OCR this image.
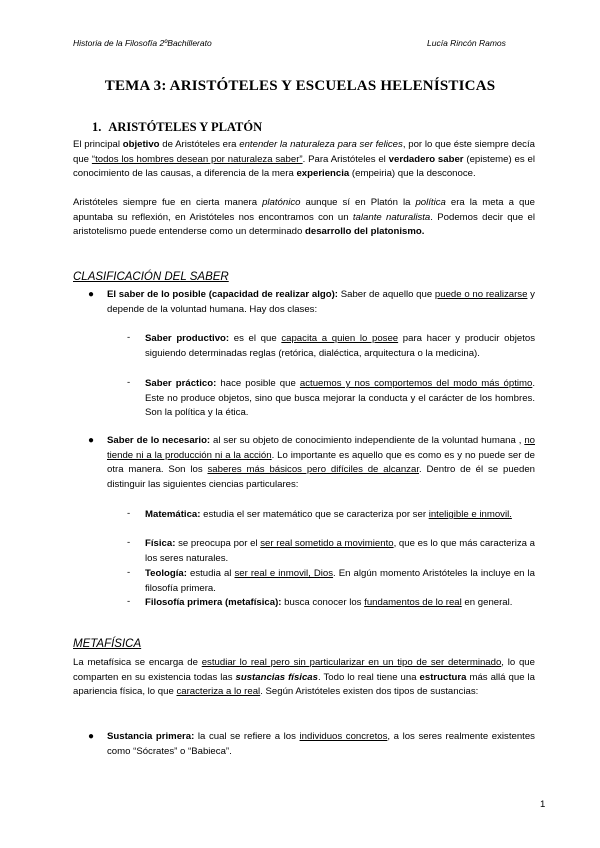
Historia de la Filosofía 2ºBachillerato	Lucía Rincón Ramos
TEMA 3: ARISTÓTELES Y ESCUELAS HELENÍSTICAS
1. ARISTÓTELES Y PLATÓN
El principal objetivo de Aristóteles era entender la naturaleza para ser felices, por lo que éste siempre decía que “todos los hombres desean por naturaleza saber”. Para Aristóteles el verdadero saber (episteme) es el conocimiento de las causas, a diferencia de la mera experiencia (empeiria) que la desconoce.
Aristóteles siempre fue en cierta manera platónico aunque sí en Platón la política era la meta a que apuntaba su reflexión, en Aristóteles nos encontramos con un talante naturalista. Podemos decir que el aristotelismo puede entenderse como un determinado desarrollo del platonismo.
CLASIFICACIÓN DEL SABER
● El saber de lo posible (capacidad de realizar algo): Saber de aquello que puede o no realizarse y depende de la voluntad humana. Hay dos clases:
- Saber productivo: es el que capacita a quien lo posee para hacer y producir objetos siguiendo determinadas reglas (retórica, dialéctica, arquitectura o la medicina).
- Saber práctico: hace posible que actuemos y nos comportemos del modo más óptimo. Este no produce objetos, sino que busca mejorar la conducta y el carácter de los hombres. Son la política y la ética.
● Saber de lo necesario: al ser su objeto de conocimiento independiente de la voluntad humana , no tiende ni a la producción ni a la acción. Lo importante es aquello que es como es y no puede ser de otra manera. Son los saberes más básicos pero difíciles de alcanzar. Dentro de él se pueden distinguir las siguientes ciencias particulares:
- Matemática: estudia el ser matemático que se caracteriza por ser inteligible e inmovil.
- Física: se preocupa por el ser real sometido a movimiento, que es lo que más caracteriza a los seres naturales.
- Teología: estudia al ser real e inmovil, Dios. En algún momento Aristóteles la incluye en la filosofía primera.
- Filosofía primera (metafísica): busca conocer los fundamentos de lo real en general.
METAFÍSICA
La metafísica se encarga de estudiar lo real pero sin particularizar en un tipo de ser determinado, lo que comparten en su existencia todas las sustancias físicas. Todo lo real tiene una estructura más allá que la apariencia física, lo que caracteriza a lo real. Según Aristóteles existen dos tipos de sustancias:
● Sustancia primera: la cual se refiere a los individuos concretos, a los seres realmente existentes como “Sócrates” o “Babieca”.
1
